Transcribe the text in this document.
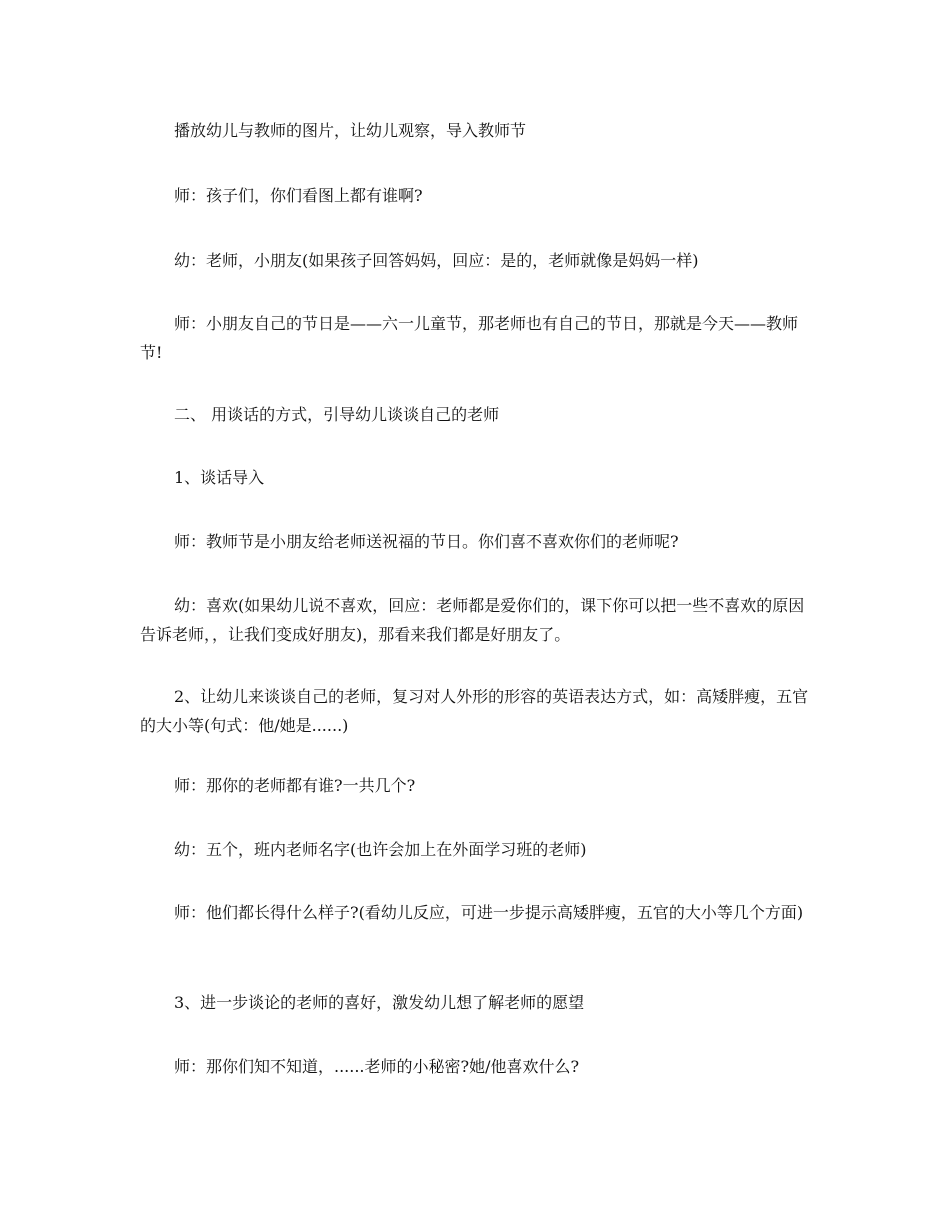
播放幼儿与教师的图片，让幼儿观察，导入教师节

师：孩子们，你们看图上都有谁啊?

幼：老师，小朋友(如果孩子回答妈妈，回应：是的，老师就像是妈妈一样)

师：小朋友自己的节日是——六一儿童节，那老师也有自己的节日，那就是今天——教师节!

二、 用谈话的方式，引导幼儿谈谈自己的老师

1、谈话导入

师：教师节是小朋友给老师送祝福的节日。你们喜不喜欢你们的老师呢?

幼：喜欢(如果幼儿说不喜欢，回应：老师都是爱你们的，课下你可以把一些不喜欢的原因告诉老师，，让我们变成好朋友)，那看来我们都是好朋友了。

2、让幼儿来谈谈自己的老师，复习对人外形的形容的英语表达方式，如：高矮胖瘦，五官的大小等(句式：他/她是......)

师：那你的老师都有谁?一共几个?

幼：五个，班内老师名字(也许会加上在外面学习班的老师)

师：他们都长得什么样子?(看幼儿反应，可进一步提示高矮胖瘦，五官的大小等几个方面)

3、进一步谈论的老师的喜好，激发幼儿想了解老师的愿望

师：那你们知不知道，......老师的小秘密?她/他喜欢什么?
